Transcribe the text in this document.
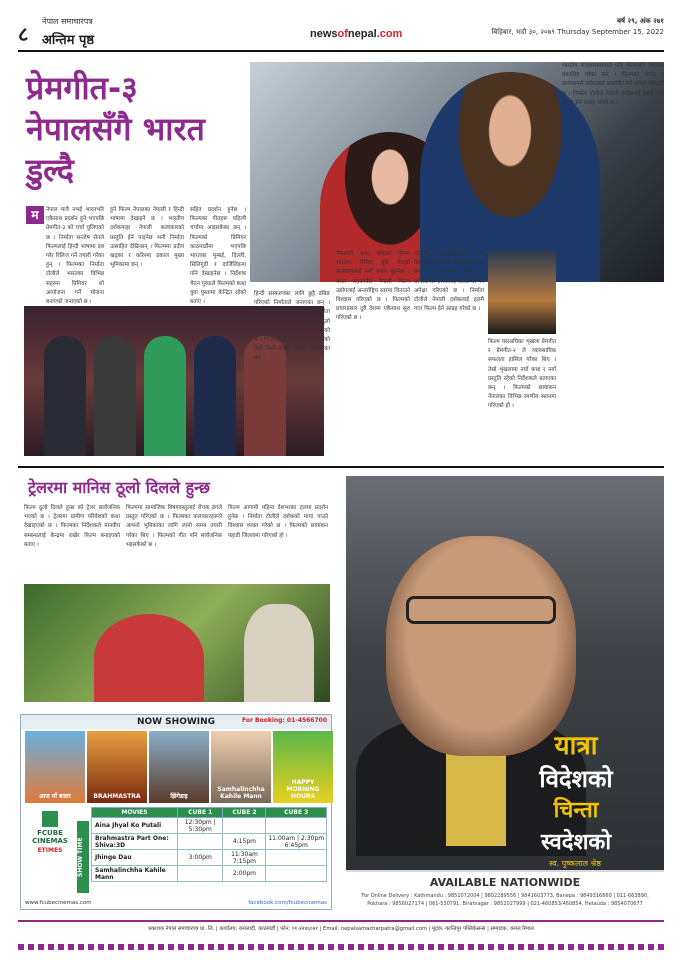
८
नेपाल समाचारपत्र
अन्तिम पृष्ठ	newsofnepal.com
बर्ष २९, अंक २७१
बिहिबार, भदौ ३०, २०७९ Thursday September 15, 2022
प्रेमगीत-३ नेपालसँगै भारत डुल्दै
म	नेपाल मात्रै नभई भारतभरि एकैसाथ प्रदर्शन हुने भएपछि प्रेमगीत-३ को चर्चा चुलिएको छ । निर्माता सन्तोष सेनले फिल्मलाई हिन्दी भाषामा डब गरेर रिलिज गर्ने तयारी गरेका हुन् । फिल्मका निर्माता टोलीले भारतका विभिन्न सहरमा प्रिमियर शो आयोजना गर्ने योजना बनाएको जनाएको छ ।
हुने फिल्म नेपालका नेपाली र हिन्दी भाषामा देखाइने छ । भारतीय दर्शकमाझ नेपाली कलाकारको प्रस्तुति हेर्न पाइनेछ भनी निर्माता उत्साहित देखिन्छन् । फिल्ममा प्रदीप खड्का र करिश्मा ढकाल मुख्य भूमिकामा छन् ।
सहित प्रदर्शन हुनेछ । फिल्मका गीतहरू पहिल्यै चर्चामा आइसकेका छन् । फिल्मको प्रिमियर काठमाडौंमा भएपछि भारतका मुम्बई, दिल्ली, सिलिगुडी र दार्जिलिङमा पनि देखाइनेछ । निर्देशक चेतन गुरुङले फिल्मको कथा युवा पुस्तामा केन्द्रित रहेको बताए ।
हिन्दी संस्करणका लागि छुट्टै डबिङ गरिएको निर्माताले जनाएका छन् । भारतीय वितरक कम्पनीसँग सम्झौता भइसकेको छ । फिल्मलाई ठूलो संख्यामा हलमा देखाउने योजना रहेको छ । फिल्मको ट्रेलर सार्वजनिक भएको केही दिनमै लाखौं दर्शकले हेरिसकेका छन् ।
नेपालको कथा बोकेको फिल्म भारतमा रिलिज हुँदा नेपाली कलाकारलाई नयाँ बजार खुल्नेछ । यस्ता सहकार्यले नेपाली फिल्म उद्योगलाई अन्तर्राष्ट्रिय स्तरमा चिनाउने विश्वास गरिएको छ । फिल्मको प्रचारप्रसार दुवै देशमा एकैसाथ सुरु गरिएको छ ।
भारतीय सञ्चारमाध्यमले पनि फिल्मबारे समाचार प्रकाशित गरेका छन् । फिल्मको संगीत र छायांकनले दर्शकलाई आकर्षित गर्ने अपेक्षा गरिएको छ । निर्माता टोलीले नेपाली दर्शकलाई हलमै गएर फिल्म हेर्न आग्रह गरेको छ ।
फिल्म यसअघिका शृंखला प्रेमगीत र प्रेमगीत-२ ले व्यावसायिक सफलता हासिल गरेका थिए । तेस्रो शृंखलामा नयाँ कथा र नयाँ प्रस्तुति रहेको निर्देशकले बताएका छन् । फिल्मको छायांकन नेपालका विभिन्न रमणीय स्थानमा गरिएको हो ।
भारतीय सञ्चारमाध्यमले पनि फिल्मबारे समाचार प्रकाशित गरेका छन् । फिल्मको संगीत र छायांकनले दर्शकलाई आकर्षित गर्ने अपेक्षा गरिएको छ । निर्माता टोलीले नेपाली दर्शकलाई हलमै गएर फिल्म हेर्न आग्रह गरेको छ ।
ट्रेलरमा मानिस ठूलो दिलले हुन्छ
फिल्म ठूलो दिलले हुन्छ को ट्रेलर सार्वजनिक भएको छ । ट्रेलरमा ग्रामीण परिवेशको कथा देखाइएको छ । फिल्मका निर्देशकले मानवीय सम्बन्धलाई केन्द्रमा राखेर फिल्म बनाइएको बताए ।
फिल्ममा सामाजिक विषयवस्तुलाई रोचक ढंगले प्रस्तुत गरिएको छ । फिल्मका कलाकारहरूले आफ्नो भूमिकाका लागि लामो समय तयारी गरेका थिए । फिल्मको गीत पनि सार्वजनिक भइसकेको छ ।
फिल्म आगामी महिना देशभरका हलमा प्रदर्शन हुनेछ । निर्माता टोलीले दर्शकको माया पाउने विश्वास व्यक्त गरेको छ । फिल्मको छायांकन पहाडी जिल्लामा गरिएको हो ।
NOW SHOWING	For Booking: 01-4566700
आज माँ बजार	BRAHMASTRA	झिंगेडाइ
Samhalinchha Kahile Mann
HAPPY MORNING HOURS
FCUBE CINEMAS
ETIMES	SHOW TIME
MOVIES	CUBE 1	CUBE 2	CUBE 3
Aina Jhyal Ko Putali	12:30pm | 5:30pm		
Brahmastra Part One: Shiva:3D		4:15pm	11:00am | 2:30pm 6:45pm
Jhinge Dau	3:00pm	11:30am 7:15pm	
Samhalinchha Kahile Mann		2:00pm	
www.fcubecinemas.com	facebook.com/fcubecinemas
यात्रा
विदेशको
चिन्ता
स्वदेशको
स्व. पुष्कलाल श्रेष्ठ
AVAILABLE NATIONWIDE
For Online Delivery : Kathmandu : 9851072004 | 9802289556 | 9841603773, Banepa : 9849316660 | 011-663890, Pokhara : 9856027174 | 061-530791, Biratnagar : 9852027999 | 021-460853/460854, Hetauda : 9854070677
प्रकाशक नेपाल समाचारपत्र प्रा. लि. | कार्यालय: कमलादी, काठमाडौं | फोन: ०१-४२४६०७१ | Email: nepalsamacharpatra@gmail.com | मुद्रक: कान्तिपुर पब्लिकेसन्स | सम्पादक: कमल रिमाल
